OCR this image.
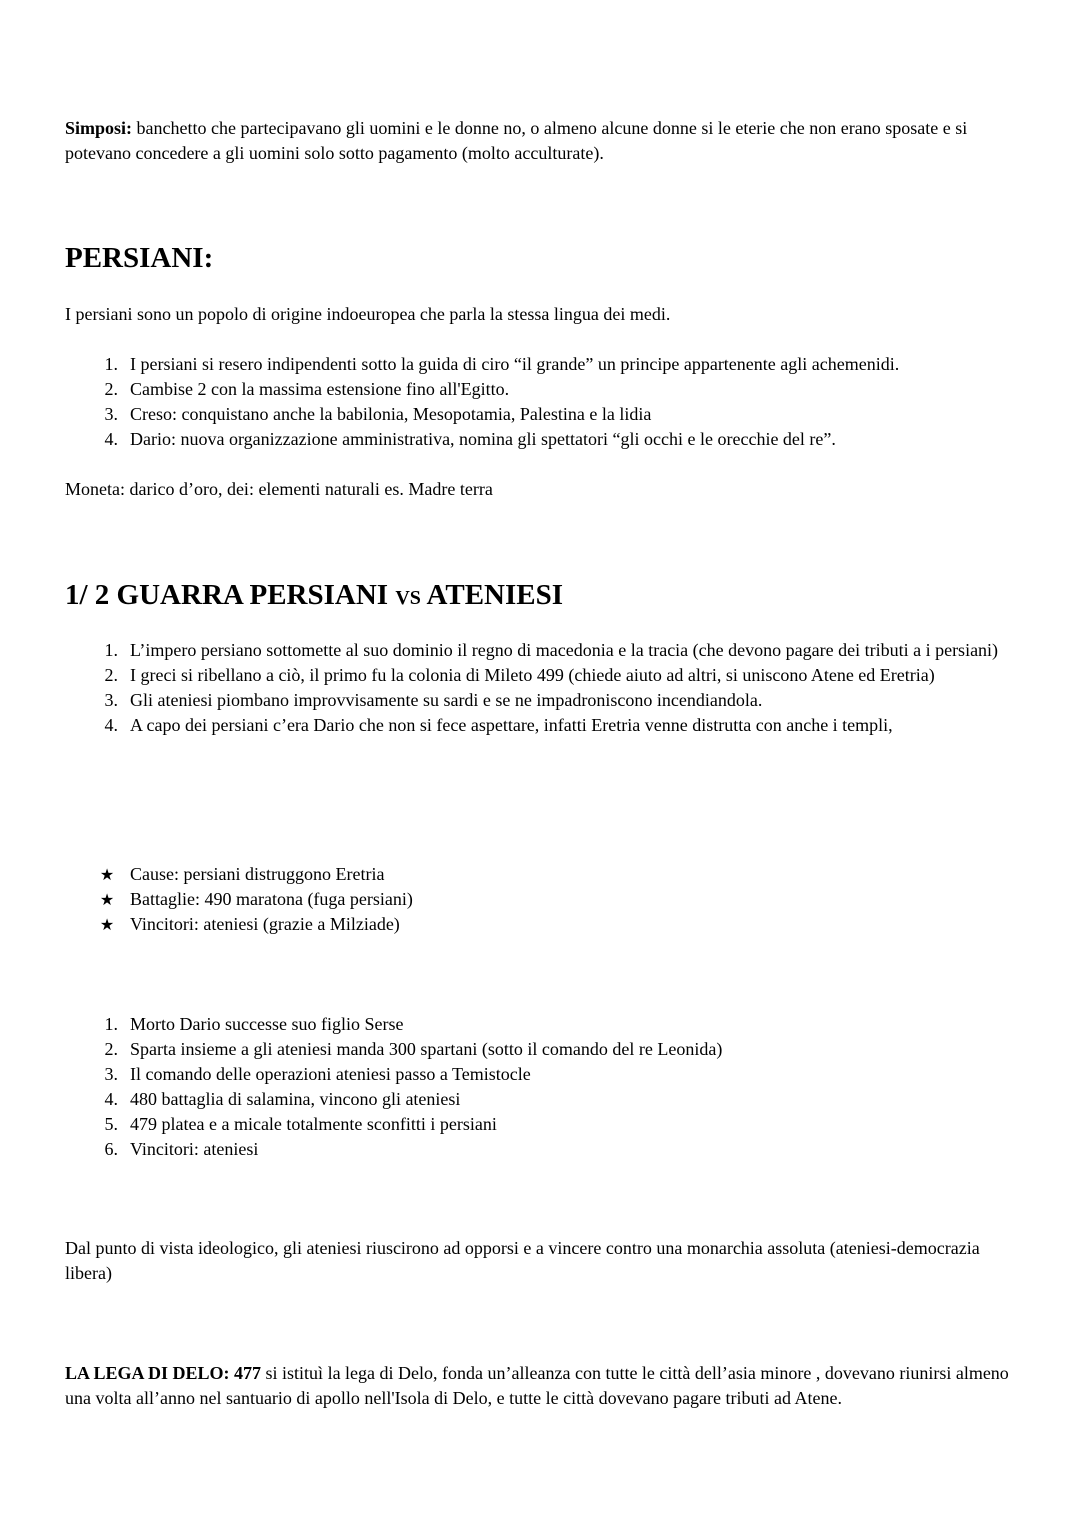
Simposi: banchetto che partecipavano gli uomini e le donne no, o almeno alcune donne si le eterie che non erano sposate e si potevano concedere a gli uomini solo sotto pagamento (molto acculturate).

PERSIANI:

I persiani sono un popolo di origine indoeuropea che parla la stessa lingua dei medi.

1. I persiani si resero indipendenti sotto la guida di ciro “il grande” un principe appartenente agli achemenidi.
2. Cambise 2 con la massima estensione fino all'Egitto.
3. Creso: conquistano anche la babilonia, Mesopotamia, Palestina e la lidia
4. Dario: nuova organizzazione amministrativa, nomina gli spettatori “gli occhi e le orecchie del re”.

Moneta: darico d’oro, dei: elementi naturali es. Madre terra

1/ 2 GUARRA PERSIANI vs ATENIESI
1. L’impero persiano sottomette al suo dominio il regno di macedonia e la tracia (che devono pagare dei tributi a i persiani)
2. I greci si ribellano a ciò, il primo fu la colonia di Mileto 499 (chiede aiuto ad altri, si uniscono Atene ed Eretria)
3. Gli ateniesi piombano improvvisamente su sardi e se ne impadroniscono incendiandola.
4. A capo dei persiani c’era Dario che non si fece aspettare, infatti Eretria venne distrutta con anche i templi,
★ Cause: persiani distruggono Eretria
★ Battaglie: 490 maratona (fuga persiani)
★ Vincitori: ateniesi (grazie a Milziade)
1. Morto Dario successe suo figlio Serse
2. Sparta insieme a gli ateniesi manda 300 spartani (sotto il comando del re Leonida)
3. Il comando delle operazioni ateniesi passo a Temistocle
4. 480 battaglia di salamina, vincono gli ateniesi
5. 479 platea e a micale totalmente sconfitti i persiani
6. Vincitori: ateniesi

Dal punto di vista ideologico, gli ateniesi riuscirono ad opporsi e a vincere contro una monarchia assoluta (ateniesi-democrazia libera)

LA LEGA DI DELO: 477 si istituì la lega di Delo, fonda un’alleanza con tutte le città dell’asia minore , dovevano riunirsi almeno una volta all’anno nel santuario di apollo nell'Isola di Delo, e tutte le città dovevano pagare tributi ad Atene.
